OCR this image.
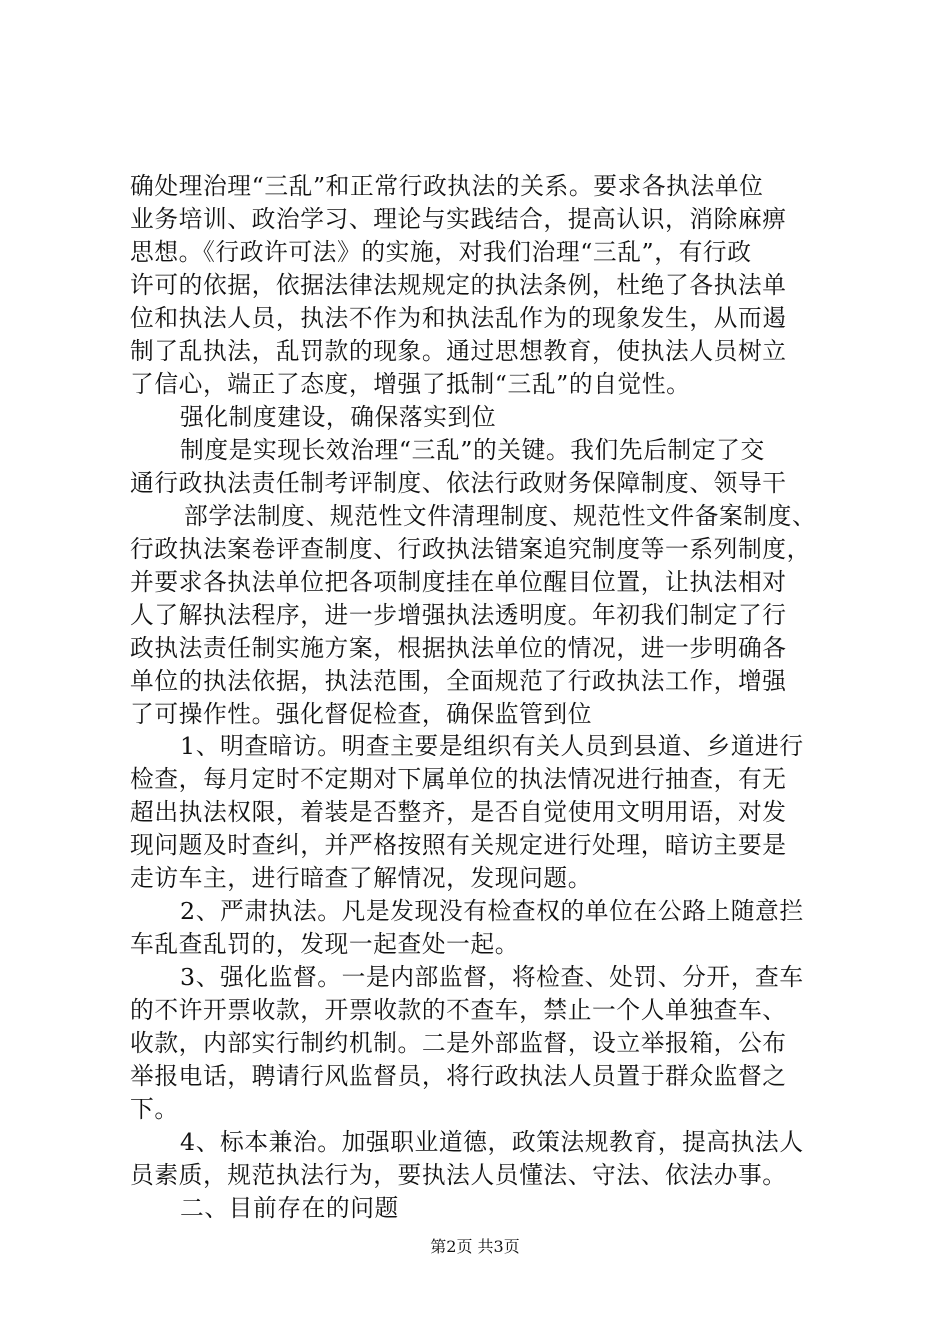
确处理治理“三乱”和正常行政执法的关系。要求各执法单位
业务培训、政治学习、理论与实践结合，提高认识，消除麻痹
思想。《行政许可法》的实施，对我们治理“三乱”，有行政
许可的依据，依据法律法规规定的执法条例，杜绝了各执法单
位和执法人员，执法不作为和执法乱作为的现象发生，从而遏
制了乱执法，乱罚款的现象。通过思想教育，使执法人员树立
了信心，端正了态度，增强了抵制“三乱”的自觉性。
强化制度建设，确保落实到位
制度是实现长效治理“三乱”的关键。我们先后制定了交
通行政执法责任制考评制度、依法行政财务保障制度、领导干
部学法制度、规范性文件清理制度、规范性文件备案制度、
行政执法案卷评查制度、行政执法错案追究制度等一系列制度，
并要求各执法单位把各项制度挂在单位醒目位置，让执法相对
人了解执法程序，进一步增强执法透明度。年初我们制定了行
政执法责任制实施方案，根据执法单位的情况，进一步明确各
单位的执法依据，执法范围，全面规范了行政执法工作，增强
了可操作性。强化督促检查，确保监管到位
1、明查暗访。明查主要是组织有关人员到县道、乡道进行
检查，每月定时不定期对下属单位的执法情况进行抽查，有无
超出执法权限，着装是否整齐，是否自觉使用文明用语，对发
现问题及时查纠，并严格按照有关规定进行处理，暗访主要是
走访车主，进行暗查了解情况，发现问题。
2、严肃执法。凡是发现没有检查权的单位在公路上随意拦
车乱查乱罚的，发现一起查处一起。
3、强化监督。一是内部监督，将检查、处罚、分开，查车
的不许开票收款，开票收款的不查车，禁止一个人单独查车、
收款，内部实行制约机制。二是外部监督，设立举报箱，公布
举报电话，聘请行风监督员，将行政执法人员置于群众监督之
下。
4、标本兼治。加强职业道德，政策法规教育，提高执法人
员素质，规范执法行为，要执法人员懂法、守法、依法办事。
二、目前存在的问题
第2页 共3页
